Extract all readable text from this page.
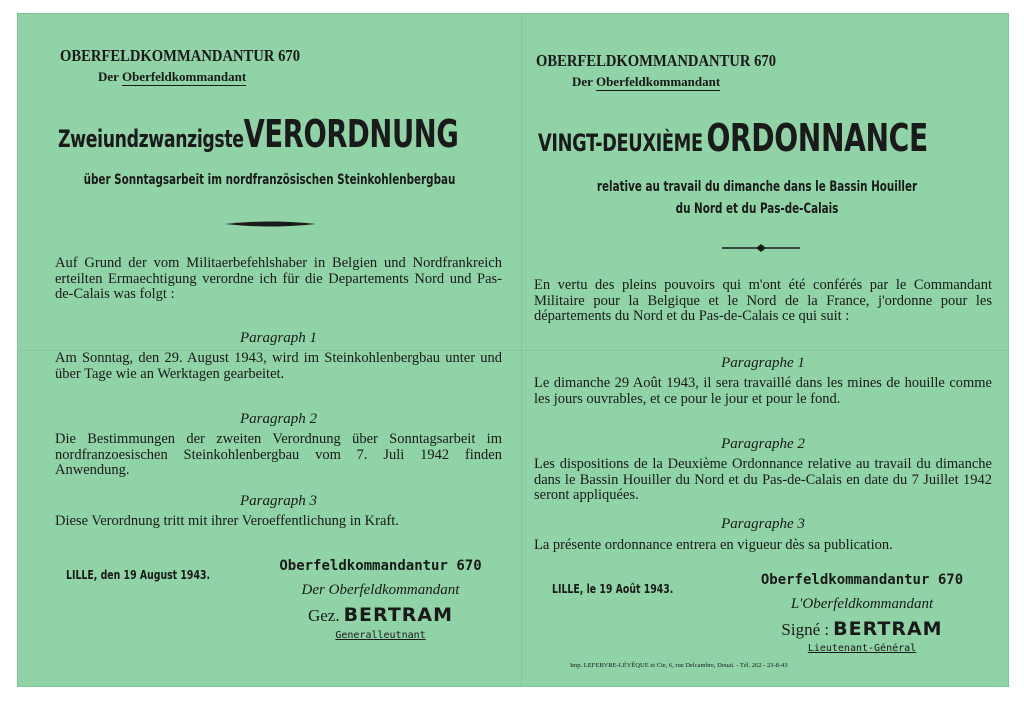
OBERFELDKOMMANDANTUR 670
Der Oberfeldkommandant
ZweiundzwanzigsteVERORDNUNG
über Sonntagsarbeit im nordfranzösischen Steinkohlenbergbau
Auf Grund der vom Militaerbefehlshaber in Belgien und Nordfrankreich erteilten Ermaechtigung verordne ich für die Departements Nord und Pas-de-Calais was folgt :
Paragraph 1
Am Sonntag, den 29. August 1943, wird im Steinkohlenbergbau unter und über Tage wie an Werktagen gearbeitet.
Paragraph 2
Die Bestimmungen der zweiten Verordnung über Sonntagsarbeit im nordfranzoesischen Steinkohlenbergbau vom 7. Juli 1942 finden Anwendung.
Paragraph 3
Diese Verordnung tritt mit ihrer Veroeffentlichung in Kraft.
LILLE, den 19 August 1943.
Oberfeldkommandantur 670
Der Oberfeldkommandant
Gez. BERTRAM
Generalleutnant
OBERFELDKOMMANDANTUR 670
Der Oberfeldkommandant
VINGT-DEUXIÈME ORDONNANCE
relative au travail du dimanche dans le Bassin Houiller
du Nord et du Pas-de-Calais
En vertu des pleins pouvoirs qui m'ont été conférés par le Commandant Militaire pour la Belgique et le Nord de la France, j'ordonne pour les départements du Nord et du Pas-de-Calais ce qui suit :
Paragraphe 1
Le dimanche 29 Août 1943, il sera travaillé dans les mines de houille comme les jours ouvrables, et ce pour le jour et pour le fond.
Paragraphe 2
Les dispositions de la Deuxième Ordonnance relative au travail du dimanche dans le Bassin Houiller du Nord et du Pas-de-Calais en date du 7 Juillet 1942 seront appliquées.
Paragraphe 3
La présente ordonnance entrera en vigueur dès sa publication.
LILLE, le 19 Août 1943.
Oberfeldkommandantur 670
L'Oberfeldkommandant
Signé : BERTRAM
Lieutenant-Général
Imp. LEFEBVRE-LÉVÊQUE et Cie, 6, rue Delcambre, Douai. - Tél. 262 - 23-8-43
